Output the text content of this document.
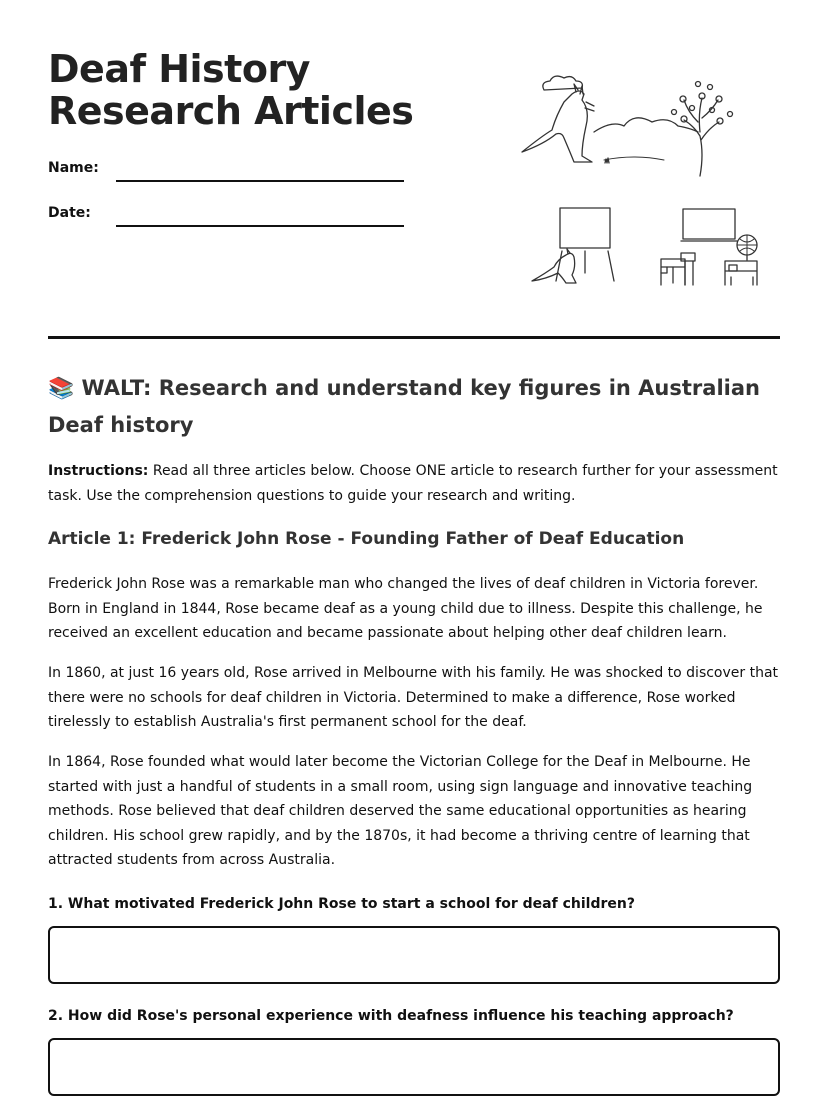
Deaf History Research Articles
Name:
Date:
📚 WALT: Research and understand key figures in Australian Deaf history

Instructions: Read all three articles below. Choose ONE article to research further for your assessment task. Use the comprehension questions to guide your research and writing.

Article 1: Frederick John Rose - Founding Father of Deaf Education

Frederick John Rose was a remarkable man who changed the lives of deaf children in Victoria forever. Born in England in 1844, Rose became deaf as a young child due to illness. Despite this challenge, he received an excellent education and became passionate about helping other deaf children learn.

In 1860, at just 16 years old, Rose arrived in Melbourne with his family. He was shocked to discover that there were no schools for deaf children in Victoria. Determined to make a difference, Rose worked tirelessly to establish Australia's first permanent school for the deaf.

In 1864, Rose founded what would later become the Victorian College for the Deaf in Melbourne. He started with just a handful of students in a small room, using sign language and innovative teaching methods. Rose believed that deaf children deserved the same educational opportunities as hearing children. His school grew rapidly, and by the 1870s, it had become a thriving centre of learning that attracted students from across Australia.

1. What motivated Frederick John Rose to start a school for deaf children?

2. How did Rose's personal experience with deafness influence his teaching approach?
